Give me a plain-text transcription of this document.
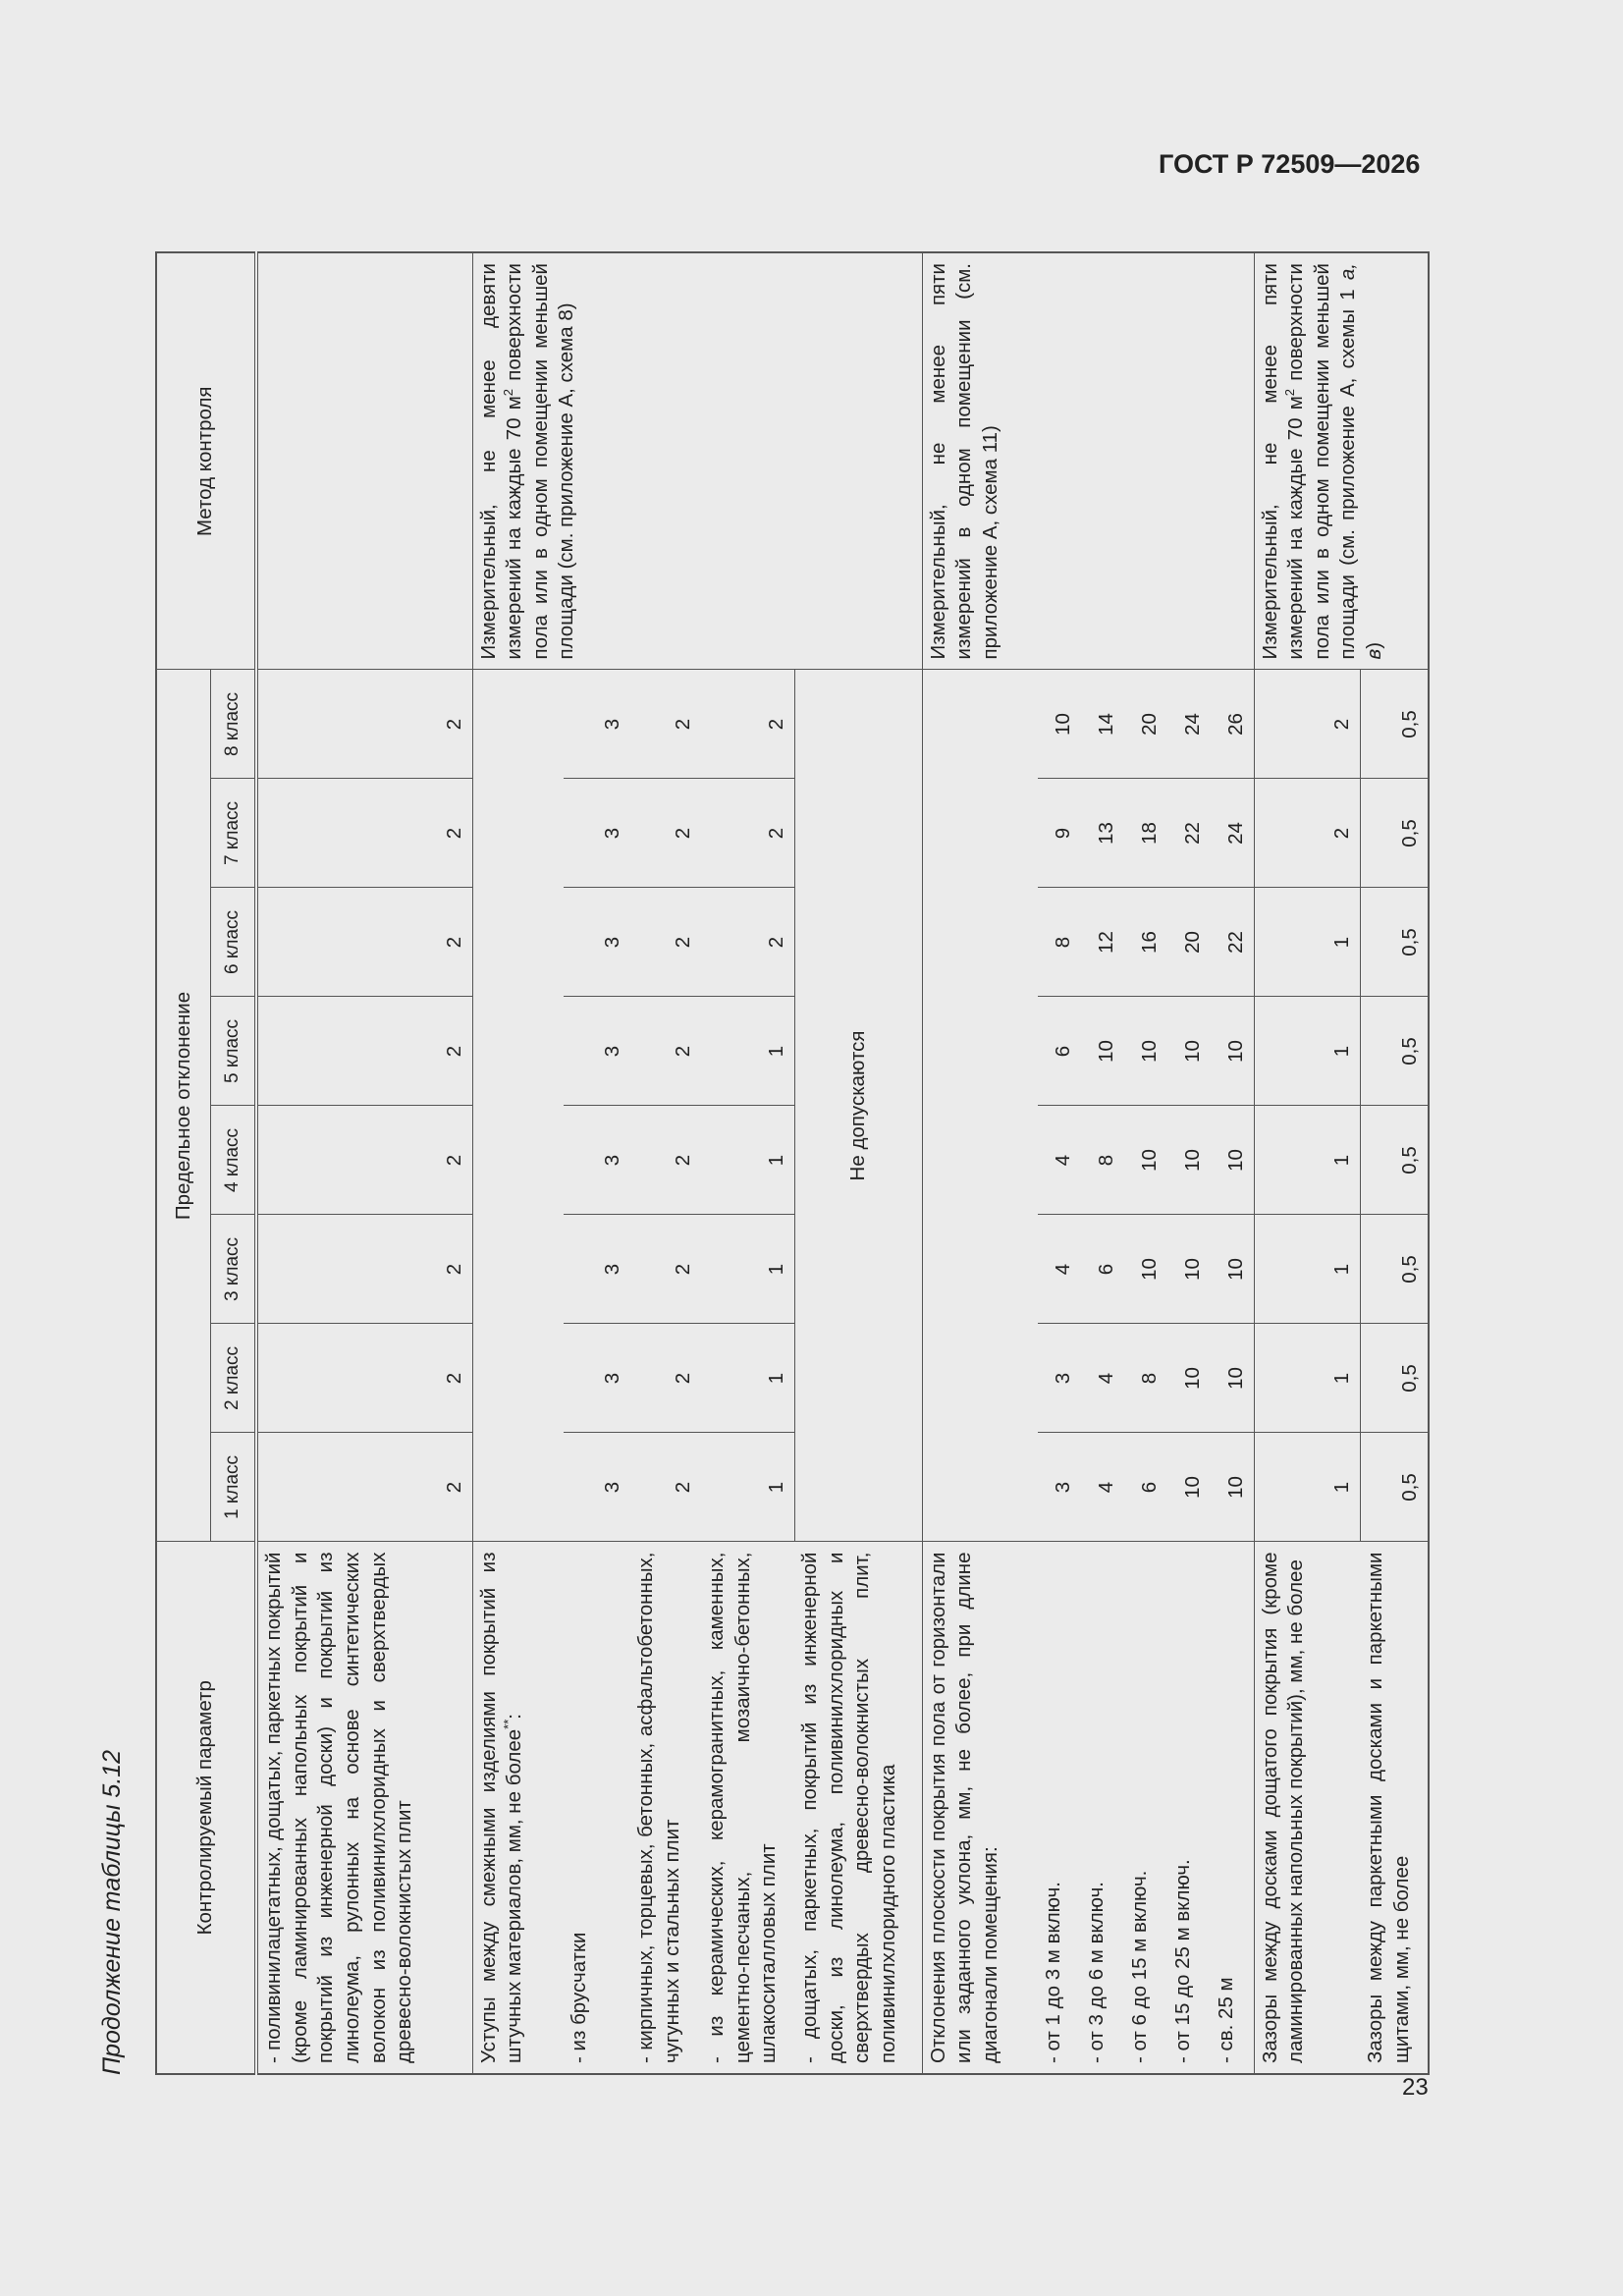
ГОСТ Р 72509—2026
23
Продолжение таблицы 5.12	Контролируемый параметр	Предельное отклонение								Метод контроля
	1 класс	2 класс	3 класс	4 класс	5 класс	6 класс	7 класс	8 класс	
- поливинилацетатных, дощатых, паркетных покрытий (кроме ламинированных напольных покрытий и покрытий из инженерной доски) и покрытий из линолеума, рулонных на основе синтетических волокон из поливинилхлоридных и сверхтвердых древесно-волокнистых плит	2	2	2	2	2	2	2	2	
Уступы между смежными изделиями покрытий из штучных материалов, мм, не более**:									Измерительный, не менее девяти измерений на каждые 70 $м^2$ поверхности пола или в одном помещении меньшей площади (см. приложение А, схема 8)
- из брусчатки	3	3	3	3	3	3	3	3	
- кирпичных, торцевых, бетонных, асфальтобетонных, чугунных и стальных плит	2	2	2	2	2	2	2	2	
- из керамических, керамогранитных, каменных, цементно-песчаных, мозаично-бетонных, шлакоситалловых плит	1	1	1	1	1	2	2	2	
- дощатых, паркетных, покрытий из инженерной доски, из линолеума, поливинилхлоридных и сверхтвердых древесно-волокнистых плит, поливинилхлоридного пластика	Не допускаются								
Отклонения плоскости покрытия пола от горизонтали или заданного уклона, мм, не более, при длине диагонали помещения:									Измерительный, не менее пяти измерений в одном помещении (см. приложение А, схема 11)
- от 1 до 3 м включ.	3	3	4	4	6	8	9	10	
- от 3 до 6 м включ.	4	4	6	8	10	12	13	14	
- от 6 до 15 м включ.	6	8	10	10	10	16	18	20	
- от 15 до 25 м включ.	10	10	10	10	10	20	22	24	
- св. 25 м	10	10	10	10	10	22	24	26	
Зазоры между досками дощатого покрытия (кроме ламинированных напольных покрытий), мм, не более	1	1	1	1	1	1	2	2	Измерительный, не менее пяти измерений на каждые 70 $м^2$ поверхности пола или в одном помещении меньшей площади (см. приложение А, схемы 1 а, в)
Зазоры между паркетными досками и паркетными щитами, мм, не более	0,5	0,5	0,5	0,5	0,5	0,5	0,5	0,5	
